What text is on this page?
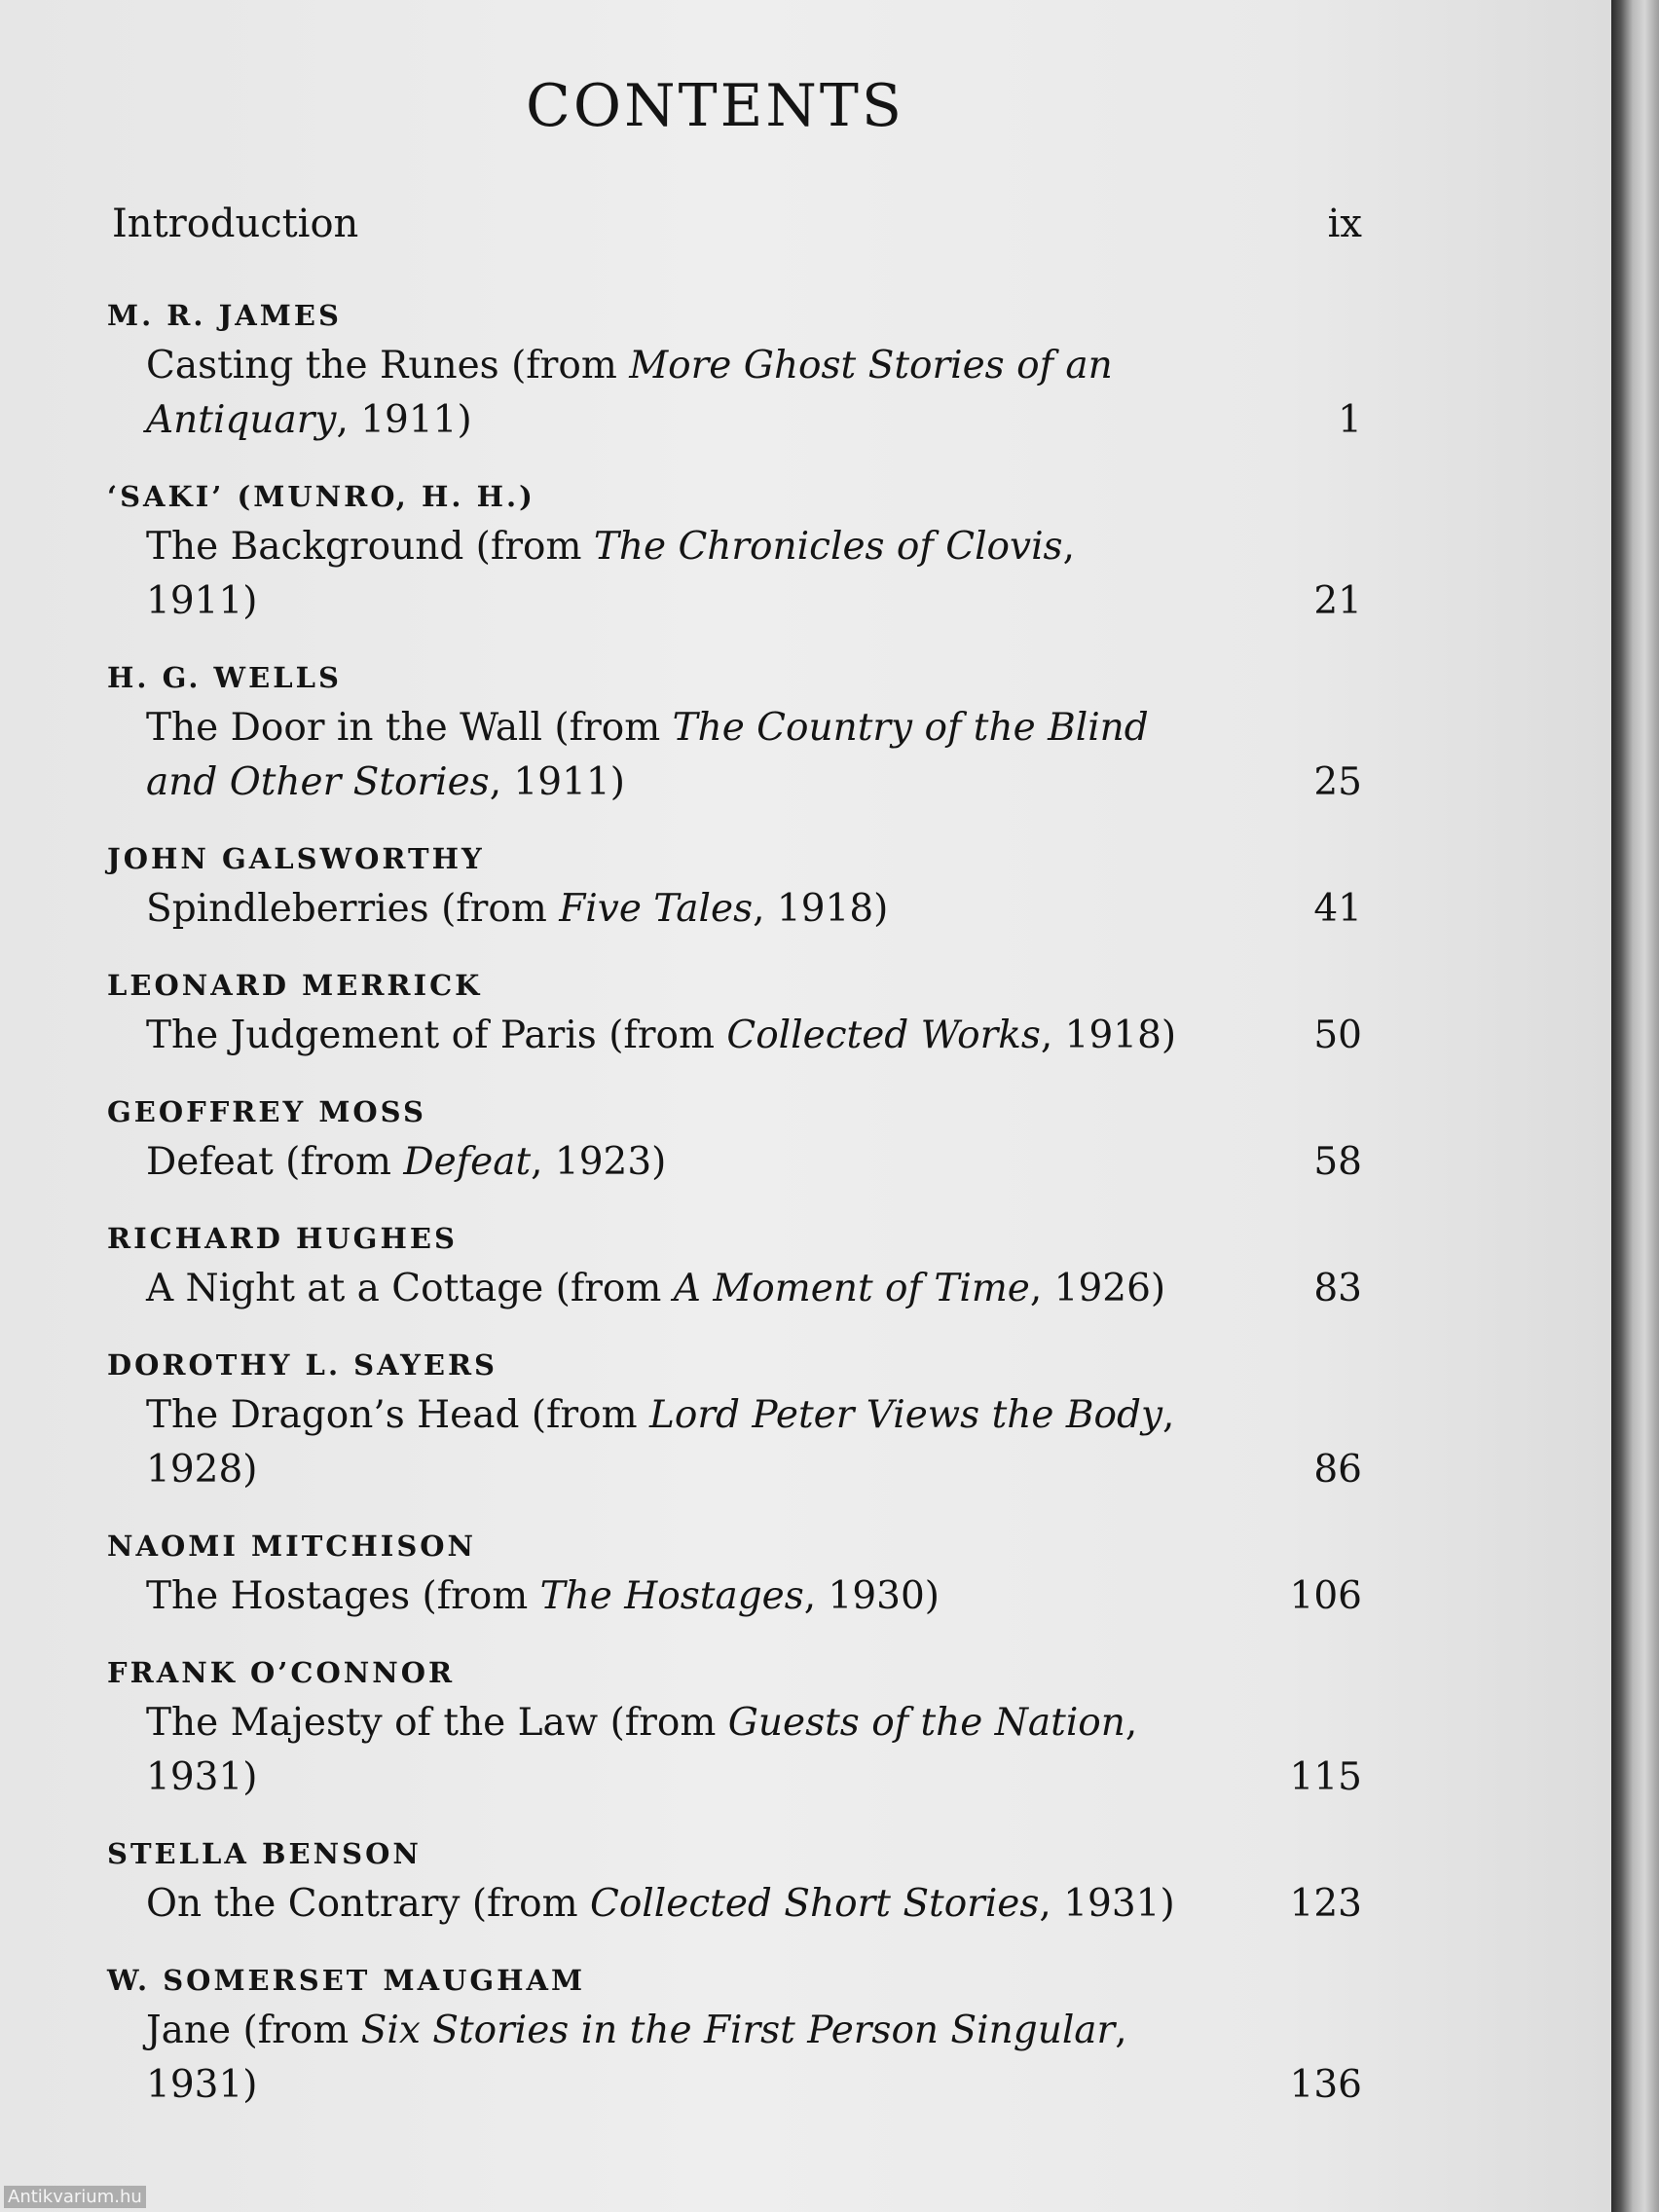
CONTENTS
Introduction	ix
M. R. JAMES
Casting the Runes (from More Ghost Stories of an Antiquary, 1911)	1
‘SAKI’ (MUNRO, H. H.)
The Background (from The Chronicles of Clovis, 1911)	21
H. G. WELLS
The Door in the Wall (from The Country of the Blind and Other Stories, 1911)	25
JOHN GALSWORTHY
Spindleberries (from Five Tales, 1918)	41
LEONARD MERRICK
The Judgement of Paris (from Collected Works, 1918)	50
GEOFFREY MOSS
Defeat (from Defeat, 1923)	58
RICHARD HUGHES
A Night at a Cottage (from A Moment of Time, 1926)	83
DOROTHY L. SAYERS
The Dragon’s Head (from Lord Peter Views the Body, 1928)	86
NAOMI MITCHISON
The Hostages (from The Hostages, 1930)	106
FRANK O’CONNOR
The Majesty of the Law (from Guests of the Nation, 1931)	115
STELLA BENSON
On the Contrary (from Collected Short Stories, 1931)	123
W. SOMERSET MAUGHAM
Jane (from Six Stories in the First Person Singular, 1931)	136
Antikvarium.hu
